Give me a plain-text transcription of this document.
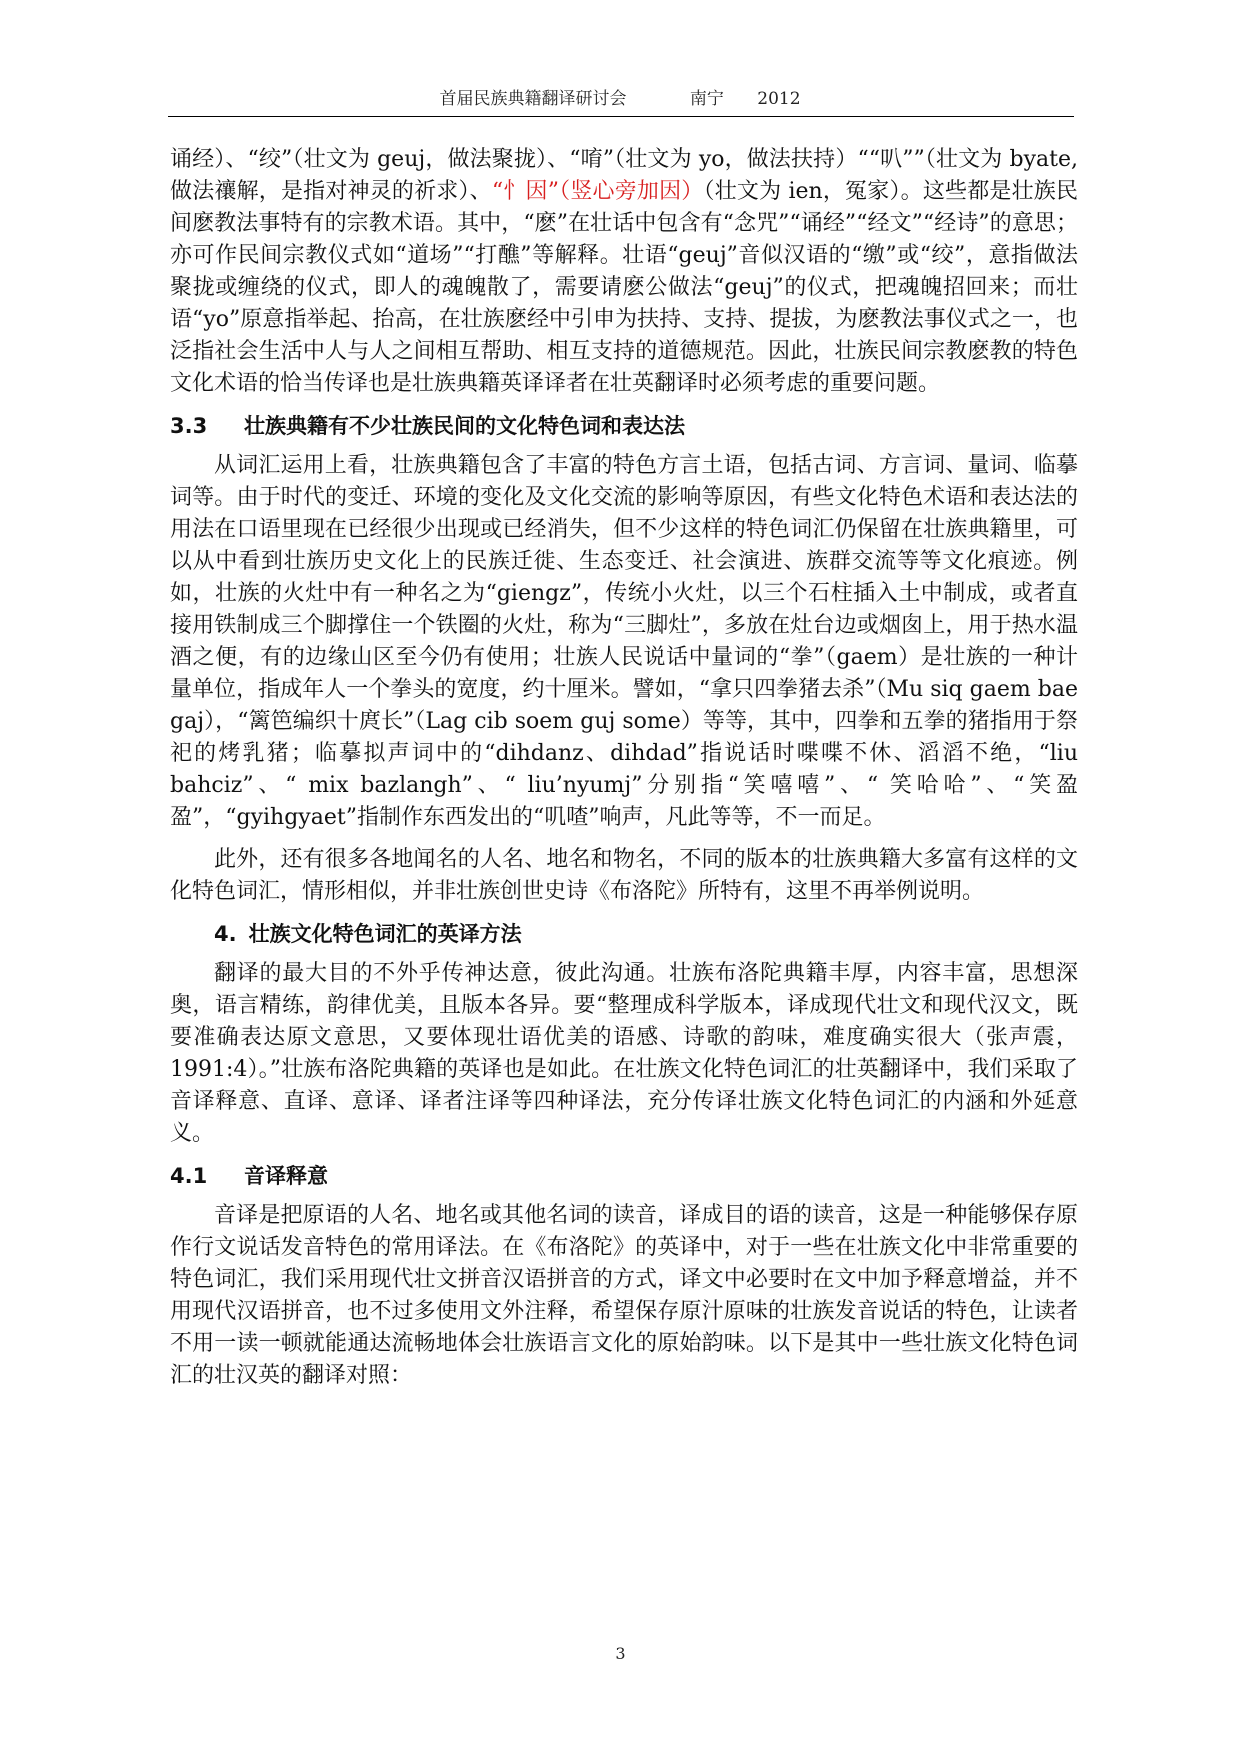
首届民族典籍翻译研讨会	南宁 2012

诵经）、“绞”（壮文为 geuj，做法聚拢）、“唷”（壮文为 yo，做法扶持）““叭””（壮文为 byate, 做法禳解，是指对神灵的祈求）、“忄因”（竖心旁加因）（壮文为 ien，冤家）。这些都是壮族民间麽教法事特有的宗教术语。其中，“麽”在壮话中包含有“念咒”“诵经”“经文”“经诗”的意思；亦可作民间宗教仪式如“道场”“打醮”等解释。壮语“geuj”音似汉语的“缴”或“绞”，意指做法聚拢或缠绕的仪式，即人的魂魄散了，需要请麽公做法“geuj”的仪式，把魂魄招回来；而壮语“yo”原意指举起、抬高，在壮族麽经中引申为扶持、支持、提拔，为麽教法事仪式之一，也泛指社会生活中人与人之间相互帮助、相互支持的道德规范。因此，壮族民间宗教麽教的特色文化术语的恰当传译也是壮族典籍英译译者在壮英翻译时必须考虑的重要问题。

3.3 壮族典籍有不少壮族民间的文化特色词和表达法

从词汇运用上看，壮族典籍包含了丰富的特色方言土语，包括古词、方言词、量词、临摹词等。由于时代的变迁、环境的变化及文化交流的影响等原因，有些文化特色术语和表达法的用法在口语里现在已经很少出现或已经消失，但不少这样的特色词汇仍保留在壮族典籍里，可以从中看到壮族历史文化上的民族迁徙、生态变迁、社会演进、族群交流等等文化痕迹。例如，壮族的火灶中有一种名之为“giengz”，传统小火灶，以三个石柱插入土中制成，或者直接用铁制成三个脚撑住一个铁圈的火灶，称为“三脚灶”，多放在灶台边或烟囱上，用于热水温酒之便，有的边缘山区至今仍有使用；壮族人民说话中量词的“拳”（gaem）是壮族的一种计量单位，指成年人一个拳头的宽度，约十厘米。譬如，“拿只四拳猪去杀”（Mu siq gaem bae gaj），“篱笆编织十庹长”（Lag cib soem guj some）等等，其中，四拳和五拳的猪指用于祭祀的烤乳猪；临摹拟声词中的“dihdanz、dihdad”指说话时喋喋不休、滔滔不绝，“liu bahciz”、“ mix bazlangh”、“ liu’nyumj”分别指“笑嘻嘻”、“ 笑哈哈”、“笑盈盈”，“gyihgyaet”指制作东西发出的“叽喳”响声，凡此等等，不一而足。

此外，还有很多各地闻名的人名、地名和物名，不同的版本的壮族典籍大多富有这样的文化特色词汇，情形相似，并非壮族创世史诗《布洛陀》所特有，这里不再举例说明。

4. 壮族文化特色词汇的英译方法

翻译的最大目的不外乎传神达意，彼此沟通。壮族布洛陀典籍丰厚，内容丰富，思想深奥，语言精练，韵律优美，且版本各异。要“整理成科学版本，译成现代壮文和现代汉文，既要准确表达原文意思，又要体现壮语优美的语感、诗歌的韵味，难度确实很大（张声震，1991:4）。”壮族布洛陀典籍的英译也是如此。在壮族文化特色词汇的壮英翻译中，我们采取了音译释意、直译、意译、译者注译等四种译法，充分传译壮族文化特色词汇的内涵和外延意义。

4.1 音译释意

音译是把原语的人名、地名或其他名词的读音，译成目的语的读音，这是一种能够保存原作行文说话发音特色的常用译法。在《布洛陀》的英译中，对于一些在壮族文化中非常重要的特色词汇，我们采用现代壮文拼音汉语拼音的方式，译文中必要时在文中加予释意增益，并不用现代汉语拼音，也不过多使用文外注释，希望保存原汁原味的壮族发音说话的特色，让读者不用一读一顿就能通达流畅地体会壮族语言文化的原始韵味。以下是其中一些壮族文化特色词汇的壮汉英的翻译对照：

3
